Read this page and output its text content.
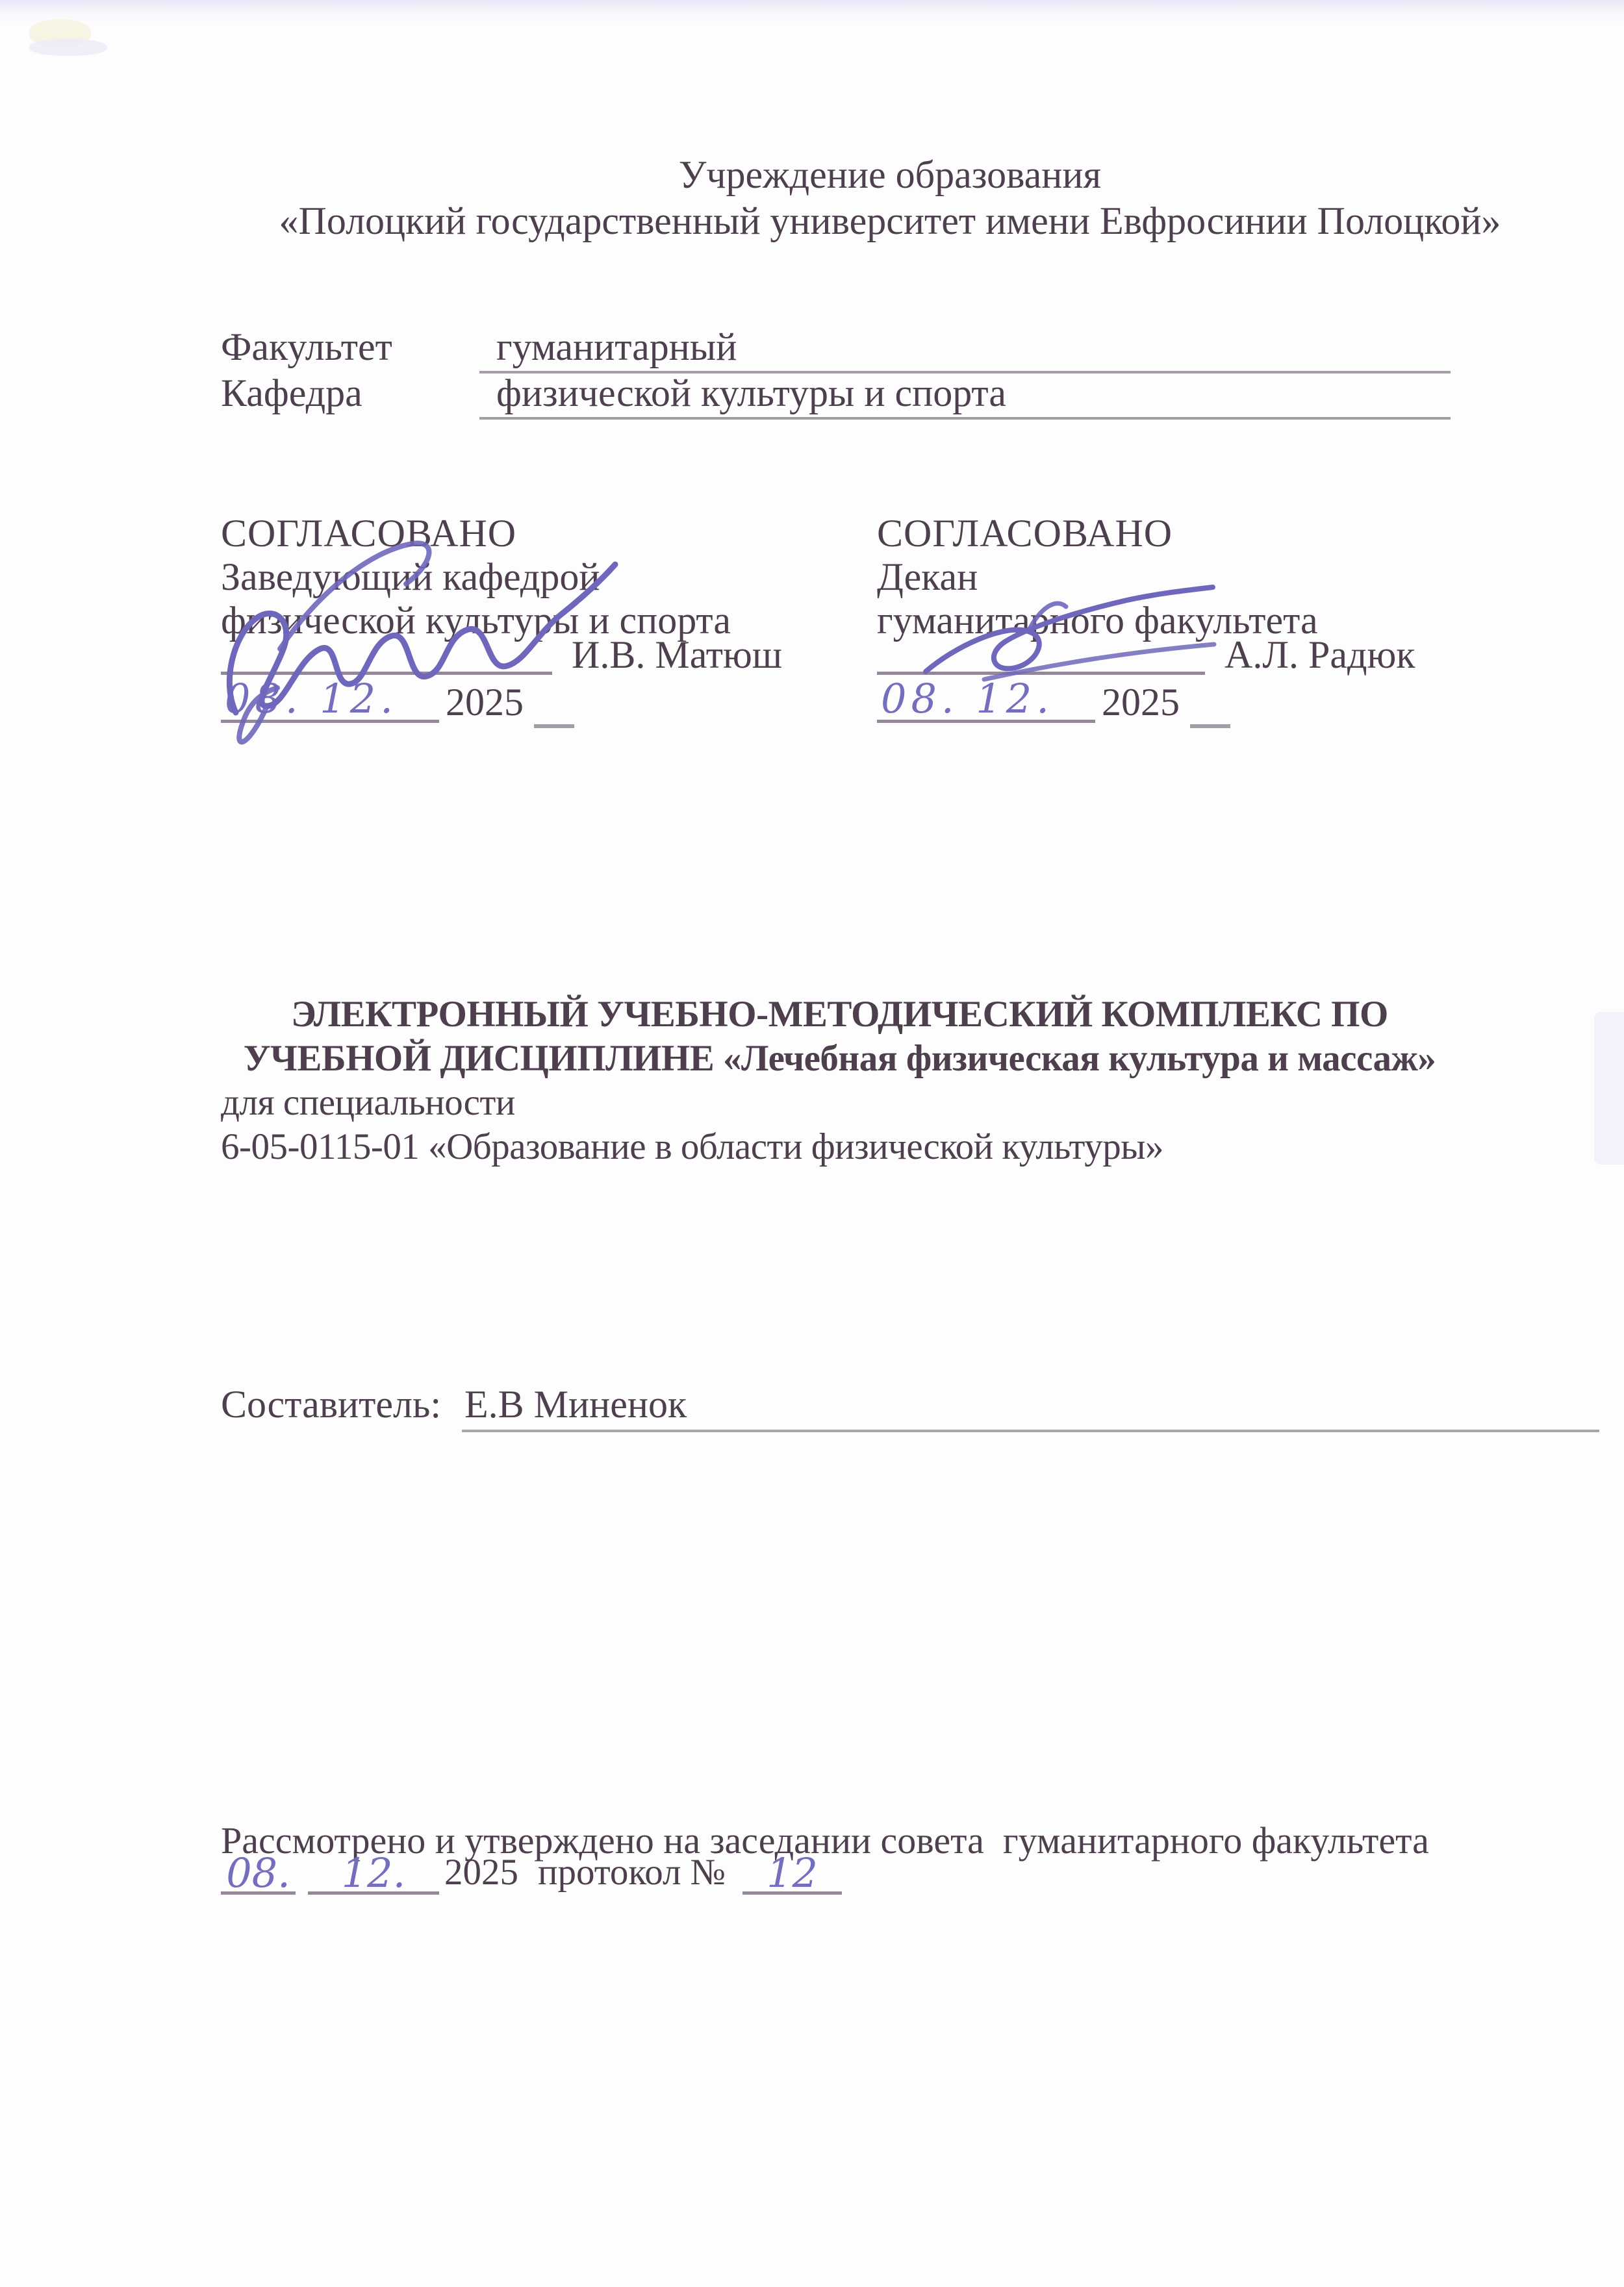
Учреждение образования
«Полоцкий государственный университет имени Евфросинии Полоцкой»
Факультет	гуманитарный
Кафедра	физической культуры и спорта
СОГЛАСОВАНО
Заведующий кафедрой
физической культуры и спорта
И.В. Матюш
08. 12.	2025
СОГЛАСОВАНО
Декан
гуманитарного факультета
А.Л. Радюк
08. 12.	2025
ЭЛЕКТРОННЫЙ УЧЕБНО-МЕТОДИЧЕСКИЙ КОМПЛЕКС ПО
УЧЕБНОЙ ДИСЦИПЛИНЕ «Лечебная физическая культура и массаж»
для специальности
6-05-0115-01 «Образование в области физической культуры»
Составитель: Е.В Миненок
Рассмотрено и утверждено на заседании совета  гуманитарного факультета
08.	12.	2025 протокол №	12
